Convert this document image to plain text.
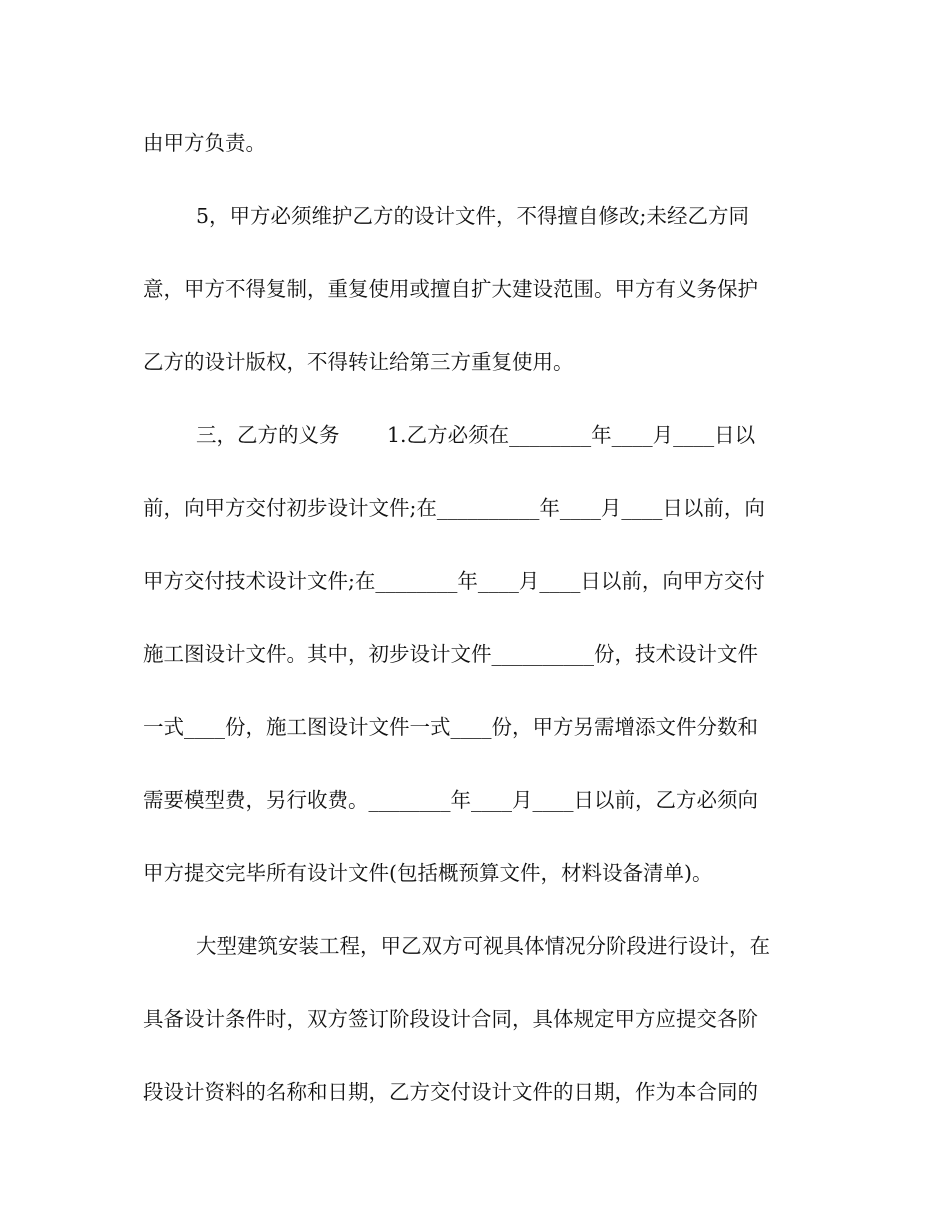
由甲方负责。
5，甲方必须维护乙方的设计文件，不得擅自修改;未经乙方同
意，甲方不得复制，重复使用或擅自扩大建设范围。甲方有义务保护
乙方的设计版权，不得转让给第三方重复使用。
三，乙方的义务　　 1.乙方必须在________年____月____日以
前，向甲方交付初步设计文件;在__________年____月____日以前，向
甲方交付技术设计文件;在________年____月____日以前，向甲方交付
施工图设计文件。其中，初步设计文件__________份，技术设计文件
一式____份，施工图设计文件一式____份，甲方另需增添文件分数和
需要模型费，另行收费。________年____月____日以前，乙方必须向
甲方提交完毕所有设计文件(包括概预算文件，材料设备清单)。
大型建筑安装工程，甲乙双方可视具体情况分阶段进行设计，在
具备设计条件时，双方签订阶段设计合同，具体规定甲方应提交各阶
段设计资料的名称和日期，乙方交付设计文件的日期，作为本合同的
